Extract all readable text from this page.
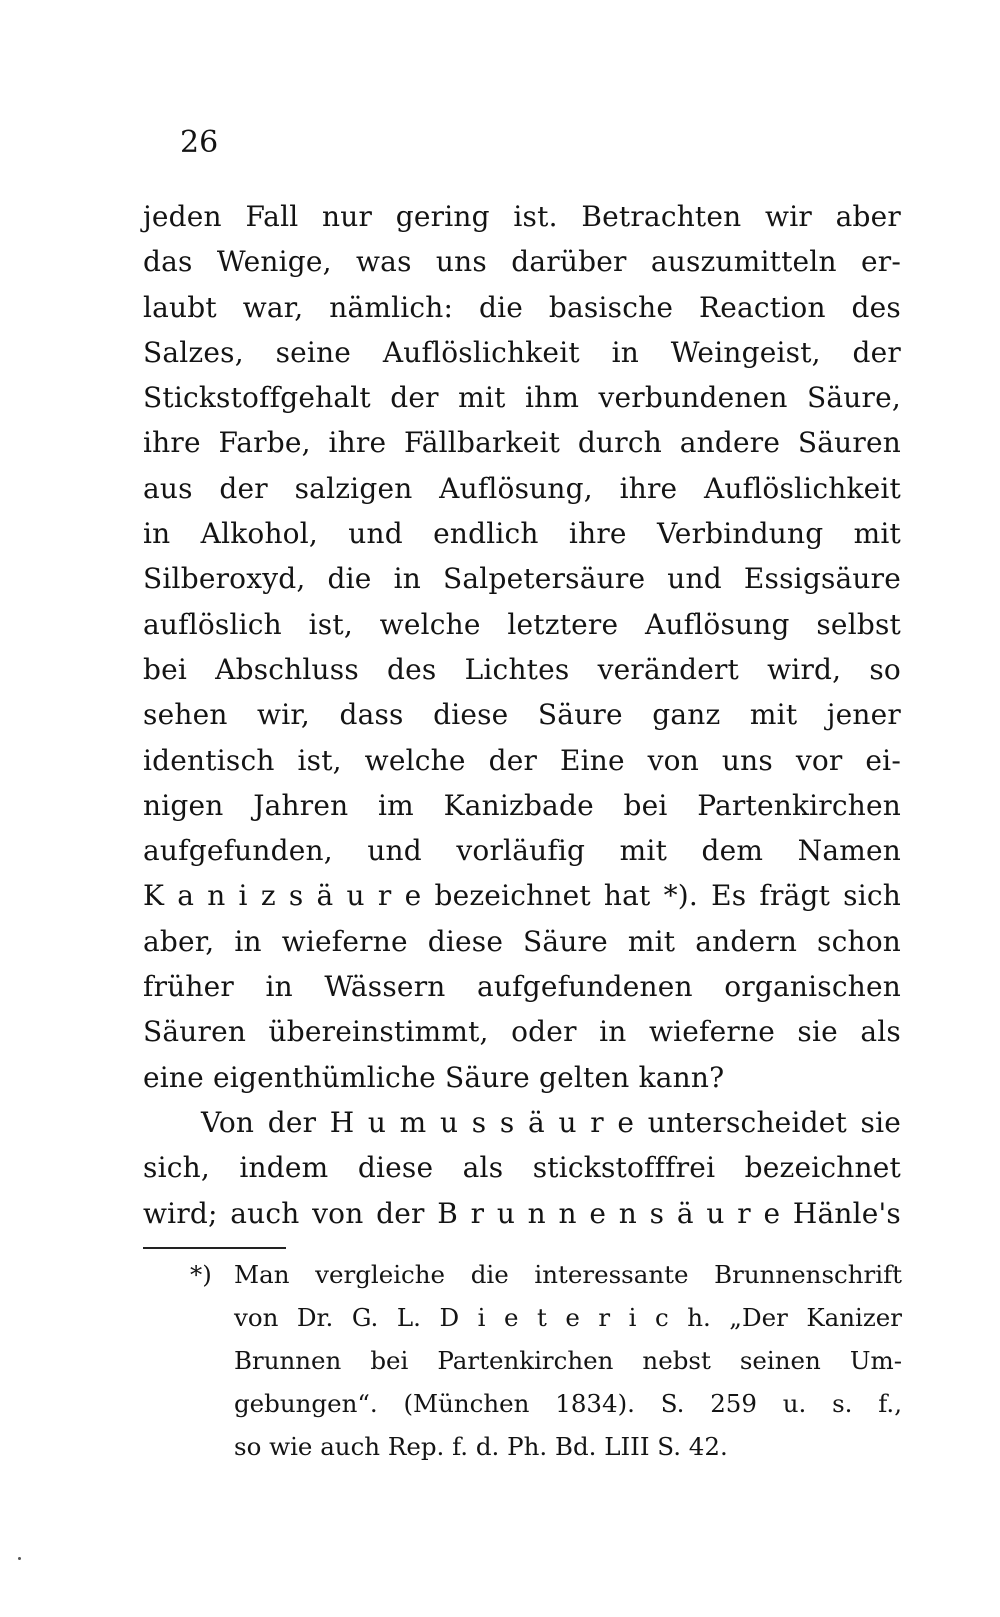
26
jeden Fall nur gering ist. Betrachten wir aber
das Wenige, was uns darüber auszumitteln er-
laubt war, nämlich: die basische Reaction des
Salzes, seine Auflöslichkeit in Weingeist, der
Stickstoffgehalt der mit ihm verbundenen Säure,
ihre Farbe, ihre Fällbarkeit durch andere Säuren
aus der salzigen Auflösung, ihre Auflöslichkeit
in Alkohol, und endlich ihre Verbindung mit
Silberoxyd, die in Salpetersäure und Essigsäure
auflöslich ist, welche letztere Auflösung selbst
bei Abschluss des Lichtes verändert wird, so
sehen wir, dass diese Säure ganz mit jener
identisch ist, welche der Eine von uns vor ei-
nigen Jahren im Kanizbade bei Partenkirchen
aufgefunden, und vorläufig mit dem Namen
K a n i z s ä u r e bezeichnet hat *). Es frägt sich
aber, in wieferne diese Säure mit andern schon
früher in Wässern aufgefundenen organischen
Säuren übereinstimmt, oder in wieferne sie als
eine eigenthümliche Säure gelten kann?
Von der H u m u s s ä u r e unterscheidet sie
sich, indem diese als stickstofffrei bezeichnet
wird; auch von der B r u n n e n s ä u r e Hänle's
*) Man vergleiche die interessante Brunnenschrift
von Dr. G. L. D i e t e r i c h. „Der Kanizer
Brunnen bei Partenkirchen nebst seinen Um-
gebungen“. (München 1834). S. 259 u. s. f.,
so wie auch Rep. f. d. Ph. Bd. LIII S. 42.
